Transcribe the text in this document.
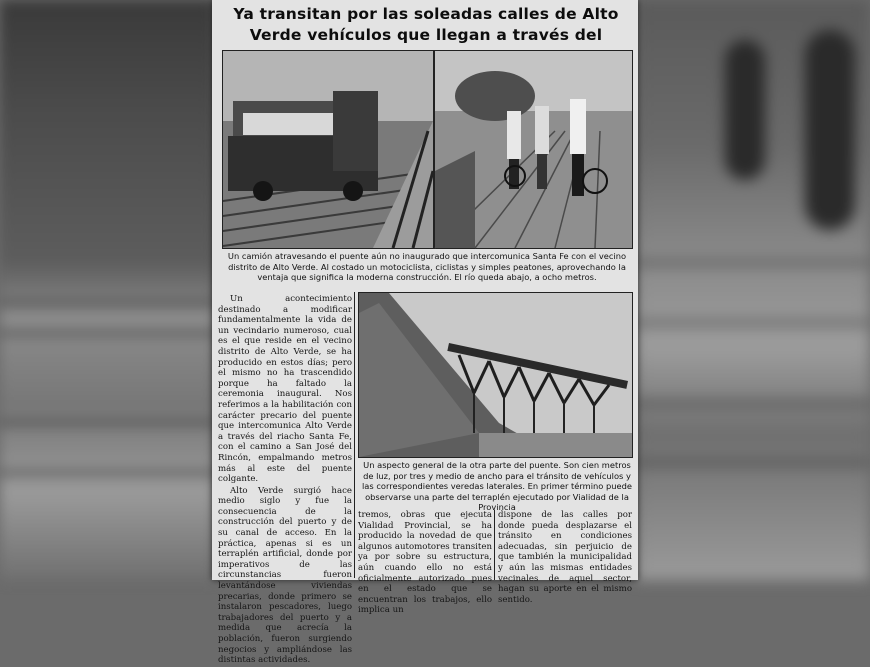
Ya transitan por las soleadas calles de Alto Verde vehículos que llegan a través del

Un camión atravesando el puente aún no inaugurado que intercomunica Santa Fe con el vecino distrito de Alto Verde. Al costado un motociclista, ciclistas y simples peatones, aprovechando la ventaja que significa la moderna construcción. El río queda abajo, a ocho metros.

Un acontecimiento destinado a modificar fundamentalmente la vida de un vecindario numeroso, cual es el que reside en el vecino distrito de Alto Verde, se ha producido en estos días; pero el mismo no ha trascendido porque ha faltado la ceremonia inaugural. Nos referimos a la habilitación con carácter precario del puente que intercomunica Alto Verde a través del riacho Santa Fe, con el camino a San José del Rincón, empalmando metros más al este del puente colgante.

Alto Verde surgió hace medio siglo y fue la consecuencia de la construcción del puerto y de su canal de acceso. En la práctica, apenas si es un terraplén artificial, donde por imperativos de las circunstancias fueron levantándose viviendas precarias, donde primero se instalaron pescadores, luego trabajadores del puerto y a medida que acrecía la población, fueron surgiendo negocios y ampliándose las distintas actividades.

Un aspecto general de la otra parte del puente. Son cien metros de luz, por tres y medio de ancho para el tránsito de vehículos y las correspondientes veredas laterales. En primer término puede observarse una parte del terraplén ejecutado por Vialidad de la Provincia

tremos, obras que ejecuta Vialidad Provincial, se ha producido la novedad de que algunos automotores transiten ya por sobre su estructura, aún cuando ello no está oficialmente autorizado pues en el estado que se encuentran los trabajos, ello implica un

dispone de las calles por donde pueda desplazarse el tránsito en condiciones adecuadas, sin perjuicio de que también la municipalidad y aún las mismas entidades vecinales de aquel sector, hagan su aporte en el mismo sentido.
